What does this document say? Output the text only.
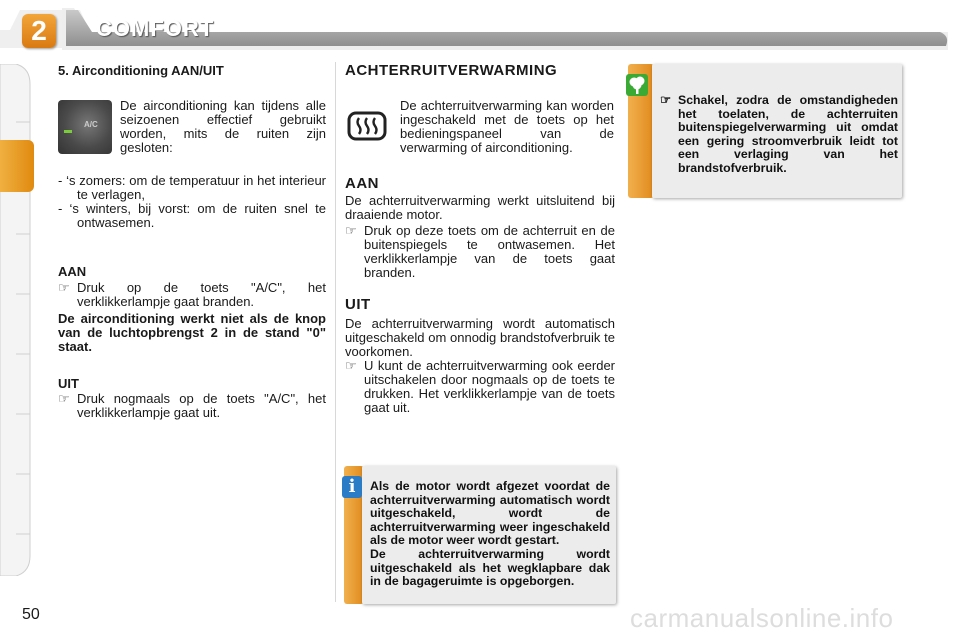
2	COMFORT
5. Airconditioning AAN/UIT
A/C

De airconditioning kan tijdens alle seizoenen effectief gebruikt worden, mits de ruiten zijn gesloten:

- ‘s zomers: om de temperatuur in het interieur te verlagen,

- ‘s winters, bij vorst: om de ruiten snel te ontwasemen.

AAN
☞ Druk op de toets "A/C", het verklikkerlampje gaat branden.

De airconditioning werkt niet als de knop van de luchtopbrengst 2 in de stand "0" staat.

UIT
☞ Druk nogmaals op de toets "A/C", het verklikkerlampje gaat uit.
ACHTERRUITVERWARMING

De achterruitverwarming kan worden ingeschakeld met de toets op het bedieningspaneel van de verwarming of airconditioning.

AAN

De achterruitverwarming werkt uitsluitend bij draaiende motor.

☞ Druk op deze toets om de achterruit en de buitenspiegels te ontwasemen. Het verklikkerlampje van de toets gaat branden.
UIT

De achterruitverwarming wordt automatisch uitgeschakeld om onnodig brandstofverbruik te voorkomen.

☞ U kunt de achterruitverwarming ook eerder uitschakelen door nogmaals op de toets te drukken. Het verklikkerlampje van de toets gaat uit.
i	Als de motor wordt afgezet voordat de achterruitverwarming automatisch wordt uitgeschakeld, wordt de achterruitverwarming weer ingeschakeld als de motor weer wordt gestart.

De achterruitverwarming wordt uitgeschakeld als het wegklapbare dak in de bagageruimte is opgeborgen.

☞ Schakel, zodra de omstandigheden het toelaten, de achterruiten buitenspiegelverwarming uit omdat een gering stroomverbruik leidt tot een verlaging van het brandstofverbruik.

50	carmanualsonline.info
